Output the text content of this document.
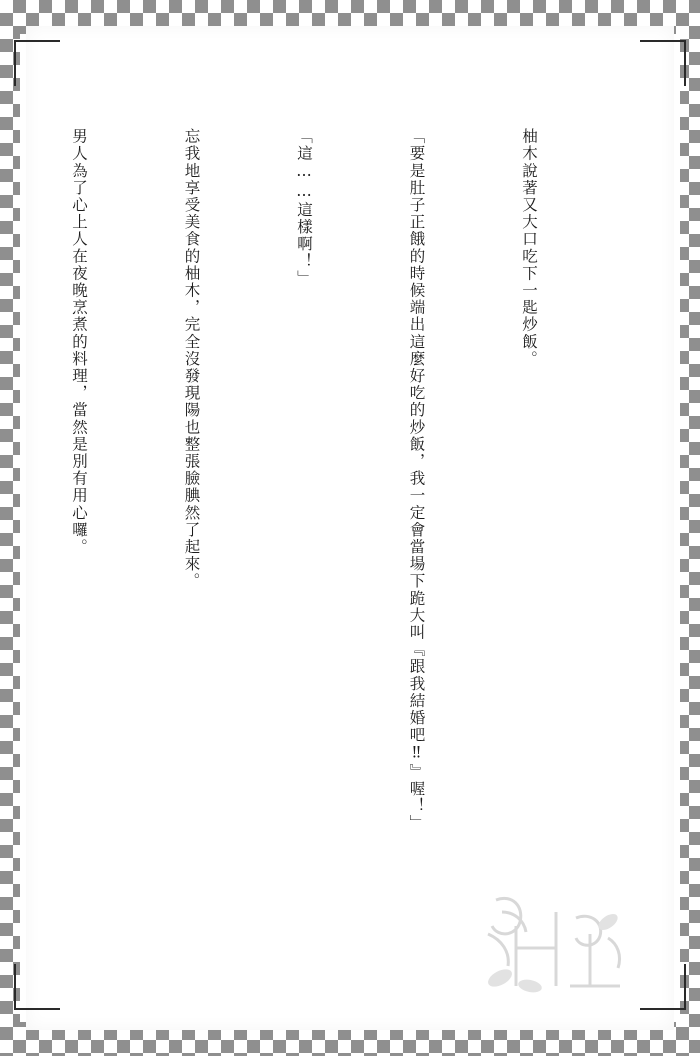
柚木說著又大口吃下一匙炒飯。

「要是肚子正餓的時候端出這麼好吃的炒飯，我一定會當場下跪大叫『跟我結婚吧‼』喔！」

「這……這樣啊！」

忘我地享受美食的柚木，完全沒發現陽也整張臉腆然了起來。

男人為了心上人在夜晚烹煮的料理，當然是別有用心囉。
